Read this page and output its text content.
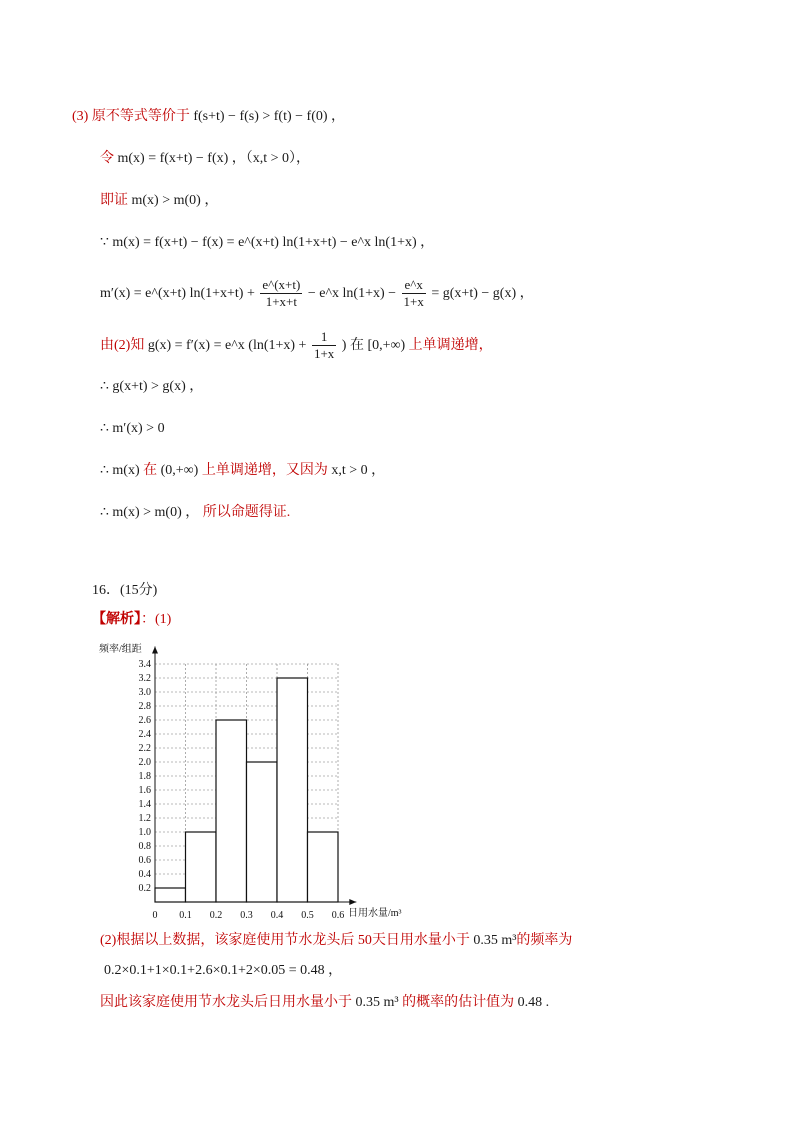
(3) 原不等式等价于 f(s+t) − f(s) > f(t) − f(0) ，
令 m(x) = f(x+t) − f(x) ，（x,t > 0），
即证 m(x) > m(0) ，
∵ m(x) = f(x+t) − f(x) = e^(x+t) ln(1+x+t) − e^x ln(1+x) ，
m′(x) = e^(x+t) $\ln(1+x+t) + \frac{e\^{}(x+t)}{1+x+t}$ − e^x $\ln(1+x) - \frac{e\^{}x}{1+x} = g(x+t) - g(x)$ ，
由(2)知 g(x) = f′(x) = e^x ($\ln(1+x) + \frac{1}{1+x}$ ) 在 [0,+∞) 上单调递增，
∴ g(x+t) > g(x) ，
∴ m′(x) > 0
∴ m(x) 在 (0,+∞) 上单调递增，又因为 x,t > 0 ，
∴ m(x) > m(0) ， 所以命题得证.
16．(15分)
【解析】：(1)
0.2
0.4
0.6
0.8
1.0
1.2
1.4
1.6
1.8
2.0
2.2
2.4
2.6
2.8
3.0
3.2
3.4
0 0.1 0.2 0.3 0.4 0.5 0.6
频率/组距
日用水量/m³
(2)根据以上数据，该家庭使用节水龙头后 50天日用水量小于 0.35 m³的频率为
0.2×0.1+1×0.1+2.6×0.1+2×0.05 = 0.48 ，
因此该家庭使用节水龙头后日用水量小于 0.35 m³ 的概率的估计值为 0.48 .
